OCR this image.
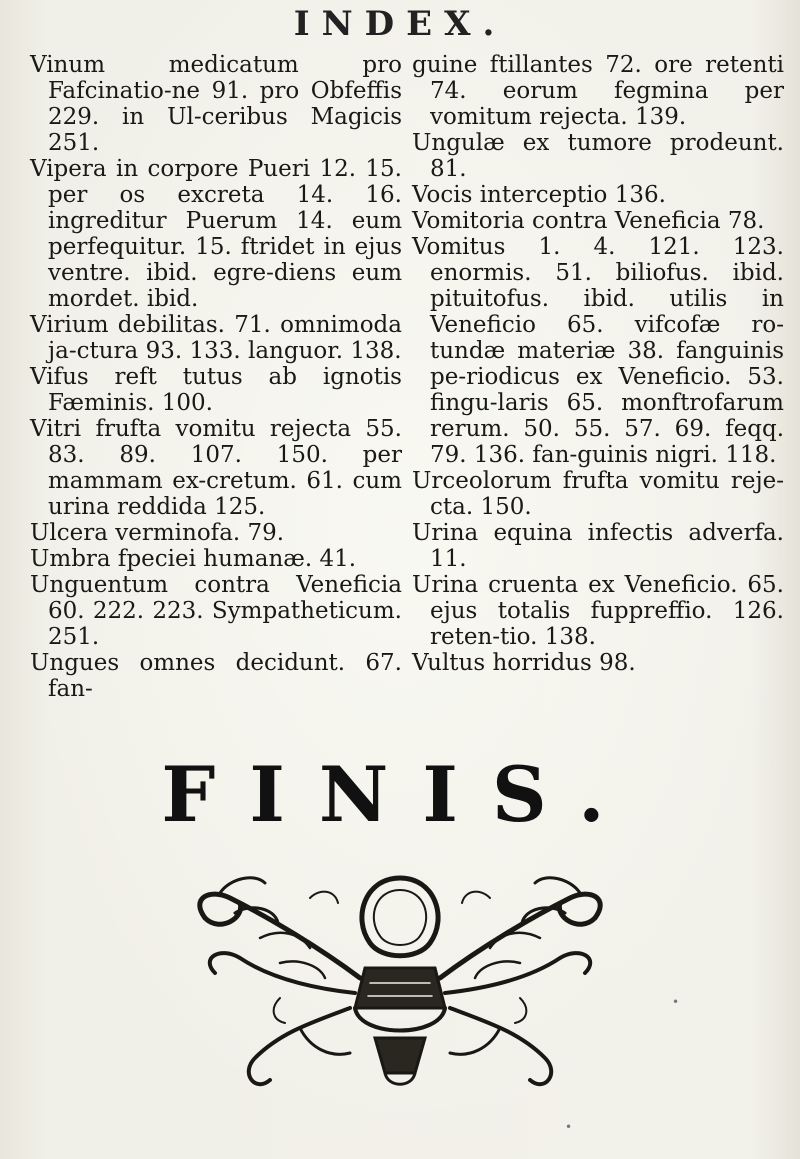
INDEX.

Vinum medicatum pro Fafcinatio-ne 91. pro Obfeffis 229. in Ul-ceribus Magicis 251.

Vipera in corpore Pueri 12. 15. per os excreta 14. 16. ingreditur Puerum 14. eum perfequitur. 15. ftridet in ejus ventre. ibid. egre-diens eum mordet. ibid.

Virium debilitas. 71. omnimoda ja-ctura 93. 133. languor. 138.

Vifus reft tutus ab ignotis Fæminis. 100.

Vitri frufta vomitu rejecta 55. 83. 89. 107. 150. per mammam ex-cretum. 61. cum urina reddida 125.

Ulcera verminofa. 79.

Umbra fpeciei humanæ. 41.

Unguentum contra Veneficia 60. 222. 223. Sympatheticum. 251.

Ungues omnes decidunt. 67. fan-

guine ftillantes 72. ore retenti 74. eorum fegmina per vomitum rejecta. 139.

Ungulæ ex tumore prodeunt. 81.

Vocis interceptio 136.

Vomitoria contra Veneficia 78.

Vomitus 1. 4. 121. 123. enormis. 51. biliofus. ibid. pituitofus. ibid. utilis in Veneficio 65. vifcofæ ro-tundæ materiæ 38. fanguinis pe-riodicus ex Veneficio. 53. fingu-laris 65. monftrofarum rerum. 50. 55. 57. 69. feqq. 79. 136. fan-guinis nigri. 118.

Urceolorum frufta vomitu reje-cta. 150.

Urina equina infectis adverfa. 11.

Urina cruenta ex Veneficio. 65. ejus totalis fuppreffio. 126. reten-tio. 138.

Vultus horridus 98.

FINIS.
•
•
